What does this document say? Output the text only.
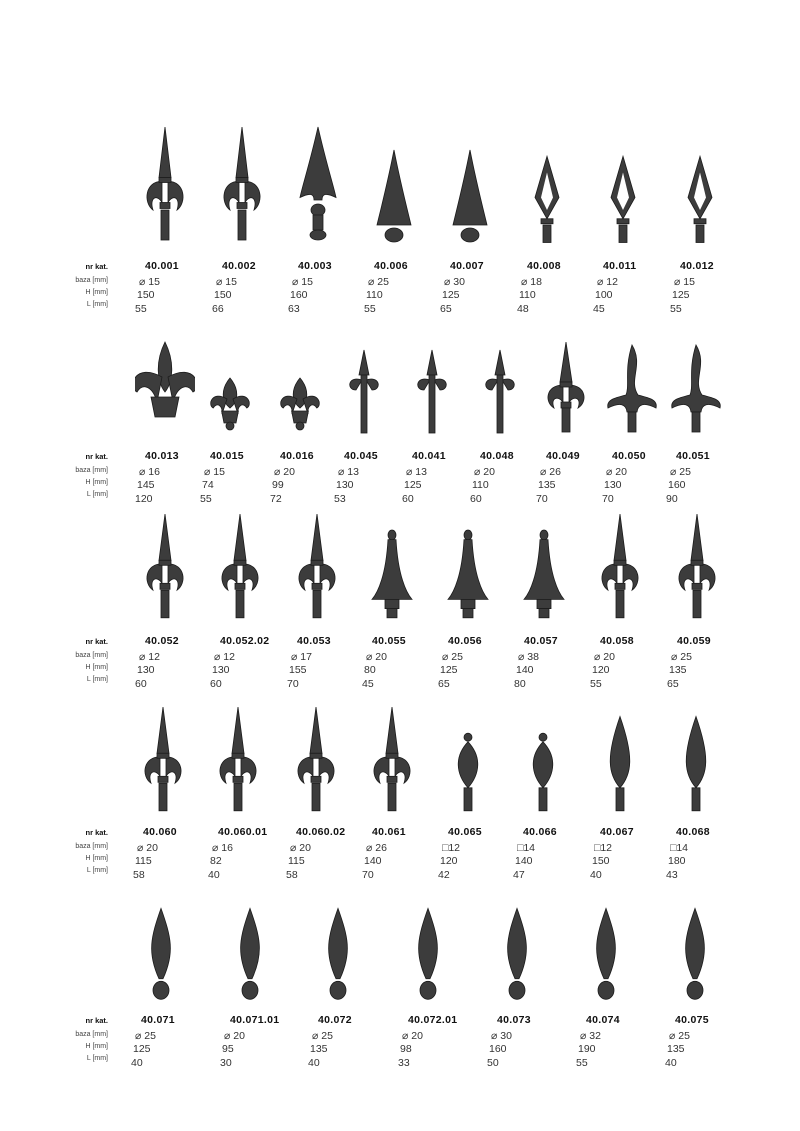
nr kat.
baza [mm]
H [mm]
L [mm]
40.001
⌀ 15
150
55
40.002
⌀ 15
150
66
40.003
⌀ 15
160
63
40.006
⌀ 25
110
55
40.007
⌀ 30
125
65
40.008
⌀ 18
110
48
40.011
⌀ 12
100
45
40.012
⌀ 15
125
55
nr kat.
baza [mm]
H [mm]
L [mm]
40.013
⌀ 16
145
120
40.015
⌀ 15
74
55
40.016
⌀ 20
99
72
40.045
⌀ 13
130
53
40.041
⌀ 13
125
60
40.048
⌀ 20
110
60
40.049
⌀ 26
135
70
40.050
⌀ 20
130
70
40.051
⌀ 25
160
90
nr kat.
baza [mm]
H [mm]
L [mm]
40.052
⌀ 12
130
60
40.052.02
⌀ 12
130
60
40.053
⌀ 17
155
70
40.055
⌀ 20
80
45
40.056
⌀ 25
125
65
40.057
⌀ 38
140
80
40.058
⌀ 20
120
55
40.059
⌀ 25
135
65
nr kat.
baza [mm]
H [mm]
L [mm]
40.060
⌀ 20
115
58
40.060.01
⌀ 16
82
40
40.060.02
⌀ 20
115
58
40.061
⌀ 26
140
70
40.065
□12
120
42
40.066
□14
140
47
40.067
□12
150
40
40.068
□14
180
43
nr kat.
baza [mm]
H [mm]
L [mm]
40.071
⌀ 25
125
40
40.071.01
⌀ 20
95
30
40.072
⌀ 25
135
40
40.072.01
⌀ 20
98
33
40.073
⌀ 30
160
50
40.074
⌀ 32
190
55
40.075
⌀ 25
135
40
